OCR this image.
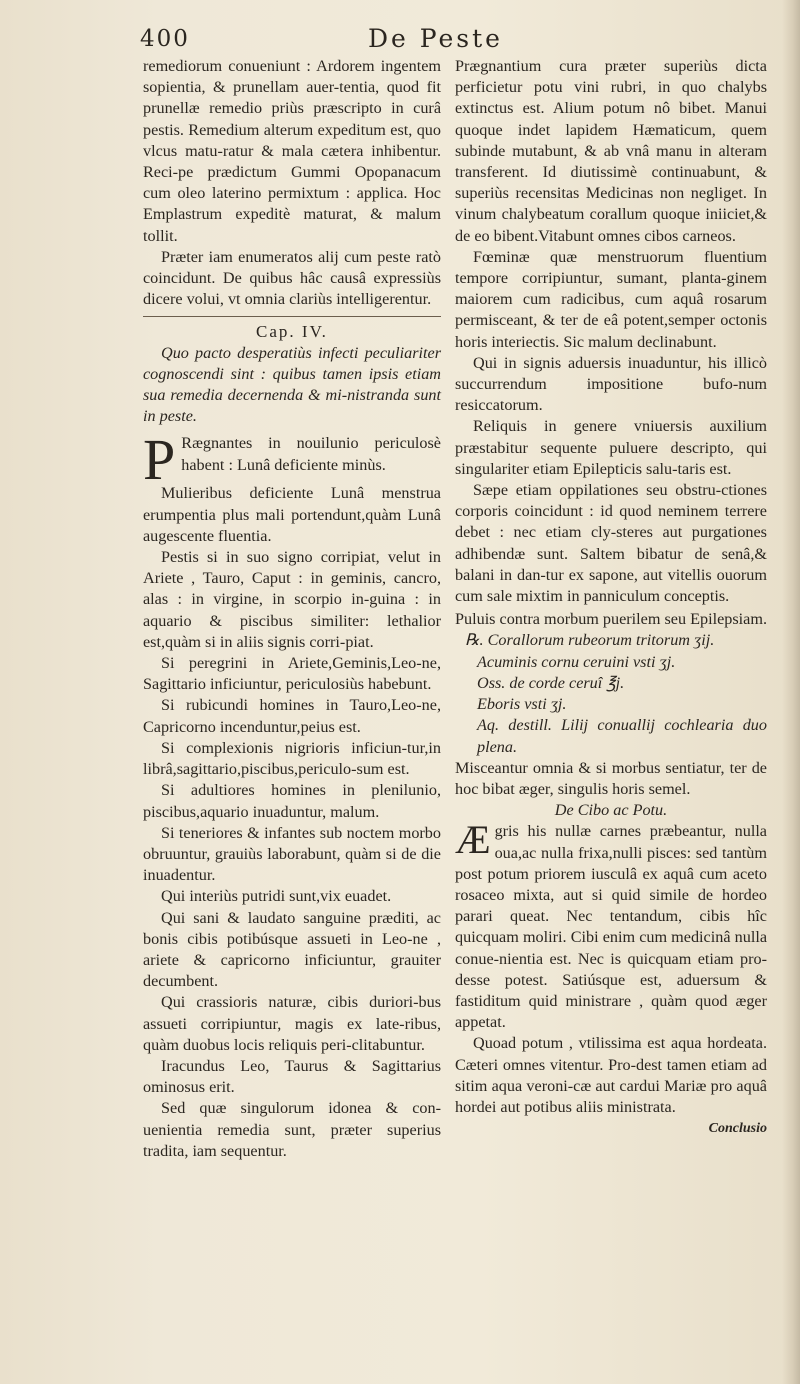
400	De Peste

remediorum conueniunt : Ardorem ingentem sopientia, & prunellam auer-tentia, quod fit prunellæ remedio priùs præscripto in curâ pestis. Remedium alterum expeditum est, quo vlcus matu-ratur & mala cætera inhibentur. Reci-pe prædictum Gummi Opopanacum cum oleo laterino permixtum : applica. Hoc Emplastrum expeditè maturat, & malum tollit.

Præter iam enumeratos alij cum peste ratò coincidunt. De quibus hâc causâ expressiùs dicere volui, vt omnia clariùs intelligerentur.

Cap. IV.

Quo pacto desperatiùs infecti peculiariter cognoscendi sint : quibus tamen ipsis etiam sua remedia decernenda & mi-nistranda sunt in peste.

P Rægnantes in nouilunio periculosè habent : Lunâ deficiente minùs.

Mulieribus deficiente Lunâ menstrua erumpentia plus mali portendunt,quàm Lunâ augescente fluentia.

Pestis si in suo signo corripiat, velut in Ariete , Tauro, Caput : in geminis, cancro, alas : in virgine, in scorpio in-guina : in aquario & piscibus similiter: lethalior est,quàm si in aliis signis corri-piat.

Si peregrini in Ariete,Geminis,Leo-ne, Sagittario inficiuntur, periculosiùs habebunt.

Si rubicundi homines in Tauro,Leo-ne, Capricorno incenduntur,peius est.

Si complexionis nigrioris inficiun-tur,in librâ,sagittario,piscibus,periculo-sum est.

Si adultiores homines in plenilunio, piscibus,aquario inuaduntur, malum.

Si teneriores & infantes sub noctem morbo obruuntur, grauiùs laborabunt, quàm si de die inuadentur.

Qui interiùs putridi sunt,vix euadet.

Qui sani & laudato sanguine præditi, ac bonis cibis potibúsque assueti in Leo-ne , ariete & capricorno inficiuntur, grauiter decumbent.

Qui crassioris naturæ, cibis duriori-bus assueti corripiuntur, magis ex late-ribus, quàm duobus locis reliquis peri-clitabuntur.

Iracundus Leo, Taurus & Sagittarius ominosus erit.

Sed quæ singulorum idonea & con-uenientia remedia sunt, præter superius tradita, iam sequentur.

Prægnantium cura præter superiùs dicta perficietur potu vini rubri, in quo chalybs extinctus est. Alium potum nô bibet. Manui quoque indet lapidem Hæmaticum, quem subinde mutabunt, & ab vnâ manu in alteram transferent. Id diutissimè continuabunt, & superiùs recensitas Medicinas non negliget. In vinum chalybeatum corallum quoque iniiciet,& de eo bibent.Vitabunt omnes cibos carneos.

Fœminæ quæ menstruorum fluentium tempore corripiuntur, sumant, planta-ginem maiorem cum radicibus, cum aquâ rosarum permisceant, & ter de eâ potent,semper octonis horis interiectis. Sic malum declinabunt.

Qui in signis aduersis inuaduntur, his illicò succurrendum impositione bufo-num resiccatorum.

Reliquis in genere vniuersis auxilium præstabitur sequente puluere descripto, qui singulariter etiam Epilepticis salu-taris est.

Sæpe etiam oppilationes seu obstru-ctiones corporis coincidunt : id quod neminem terrere debet : nec etiam cly-steres aut purgationes adhibendæ sunt. Saltem bibatur de senâ,& balani in dan-tur ex sapone, aut vitellis ouorum cum sale mixtim in panniculum conceptis.

Puluis contra morbum puerilem seu Epilepsiam.

℞. Corallorum rubeorum tritorum ʒij.

Acuminis cornu ceruini vsti ʒj.

Oss. de corde ceruî ℥j.

Eboris vsti ʒj.

Aq. destill. Lilij conuallij cochlearia duo plena.

Misceantur omnia & si morbus sentiatur, ter de hoc bibat æger, singulis horis semel.

De Cibo ac Potu.

Æ gris his nullæ carnes præbeantur, nulla oua,ac nulla frixa,nulli pisces: sed tantùm post potum priorem iusculâ ex aquâ cum aceto rosaceo mixta, aut si quid simile de hordeo parari queat. Nec tentandum, cibis hîc quicquam moliri. Cibi enim cum medicinâ nulla conue-nientia est. Nec is quicquam etiam pro-desse potest. Satiúsque est, aduersum & fastiditum quid ministrare , quàm quod æger appetat.

Quoad potum , vtilissima est aqua hordeata. Cæteri omnes vitentur. Pro-dest tamen etiam ad sitim aqua veroni-cæ aut cardui Mariæ pro aquâ hordei aut potibus aliis ministrata.

Conclusio
